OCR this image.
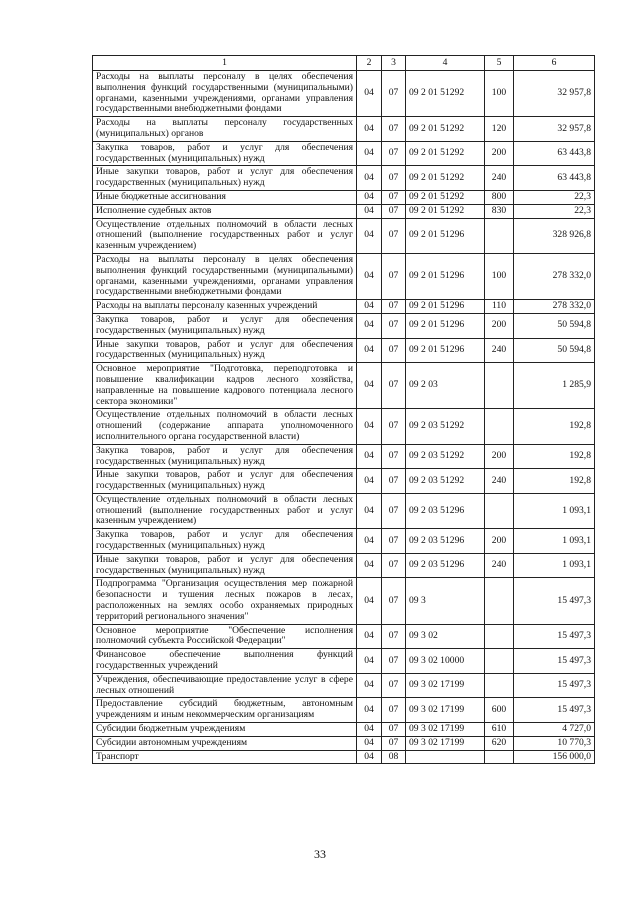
1	2	3	4	5	6
Расходы на выплаты персоналу в целях обеспечения выполнения функций государственными (муниципальными) органами, казенными учреждениями, органами управления государственными внебюджетными фондами	04	07	09 2 01 51292	100	32 957,8
Расходы на выплаты персоналу государственных (муниципальных) органов	04	07	09 2 01 51292	120	32 957,8
Закупка товаров, работ и услуг для обеспечения государственных (муниципальных) нужд	04	07	09 2 01 51292	200	63 443,8
Иные закупки товаров, работ и услуг для обеспечения государственных (муниципальных) нужд	04	07	09 2 01 51292	240	63 443,8
Иные бюджетные ассигнования	04	07	09 2 01 51292	800	22,3
Исполнение судебных актов	04	07	09 2 01 51292	830	22,3
Осуществление отдельных полномочий в области лесных отношений (выполнение государственных работ и услуг казенным учреждением)	04	07	09 2 01 51296		328 926,8
Расходы на выплаты персоналу в целях обеспечения выполнения функций государственными (муниципальными) органами, казенными учреждениями, органами управления государственными внебюджетными фондами	04	07	09 2 01 51296	100	278 332,0
Расходы на выплаты персоналу казенных учреждений	04	07	09 2 01 51296	110	278 332,0
Закупка товаров, работ и услуг для обеспечения государственных (муниципальных) нужд	04	07	09 2 01 51296	200	50 594,8
Иные закупки товаров, работ и услуг для обеспечения государственных (муниципальных) нужд	04	07	09 2 01 51296	240	50 594,8
Основное мероприятие "Подготовка, переподготовка и повышение квалификации кадров лесного хозяйства, направленные на повышение кадрового потенциала лесного сектора экономики"	04	07	09 2 03		1 285,9
Осуществление отдельных полномочий в области лесных отношений (содержание аппарата уполномоченного исполнительного органа государственной власти)	04	07	09 2 03 51292		192,8
Закупка товаров, работ и услуг для обеспечения государственных (муниципальных) нужд	04	07	09 2 03 51292	200	192,8
Иные закупки товаров, работ и услуг для обеспечения государственных (муниципальных) нужд	04	07	09 2 03 51292	240	192,8
Осуществление отдельных полномочий в области лесных отношений (выполнение государственных работ и услуг казенным учреждением)	04	07	09 2 03 51296		1 093,1
Закупка товаров, работ и услуг для обеспечения государственных (муниципальных) нужд	04	07	09 2 03 51296	200	1 093,1
Иные закупки товаров, работ и услуг для обеспечения государственных (муниципальных) нужд	04	07	09 2 03 51296	240	1 093,1
Подпрограмма "Организация осуществления мер пожарной безопасности и тушения лесных пожаров в лесах, расположенных на землях особо охраняемых природных территорий регионального значения"	04	07	09 3		15 497,3
Основное мероприятие "Обеспечение исполнения полномочий субъекта Российской Федерации"	04	07	09 3 02		15 497,3
Финансовое обеспечение выполнения функций государственных учреждений	04	07	09 3 02 10000		15 497,3
Учреждения, обеспечивающие предоставление услуг в сфере лесных отношений	04	07	09 3 02 17199		15 497,3
Предоставление субсидий бюджетным, автономным учреждениям и иным некоммерческим организациям	04	07	09 3 02 17199	600	15 497,3
Субсидии бюджетным учреждениям	04	07	09 3 02 17199	610	4 727,0
Субсидии автономным учреждениям	04	07	09 3 02 17199	620	10 770,3
Транспорт	04	08			156 000,0
33
